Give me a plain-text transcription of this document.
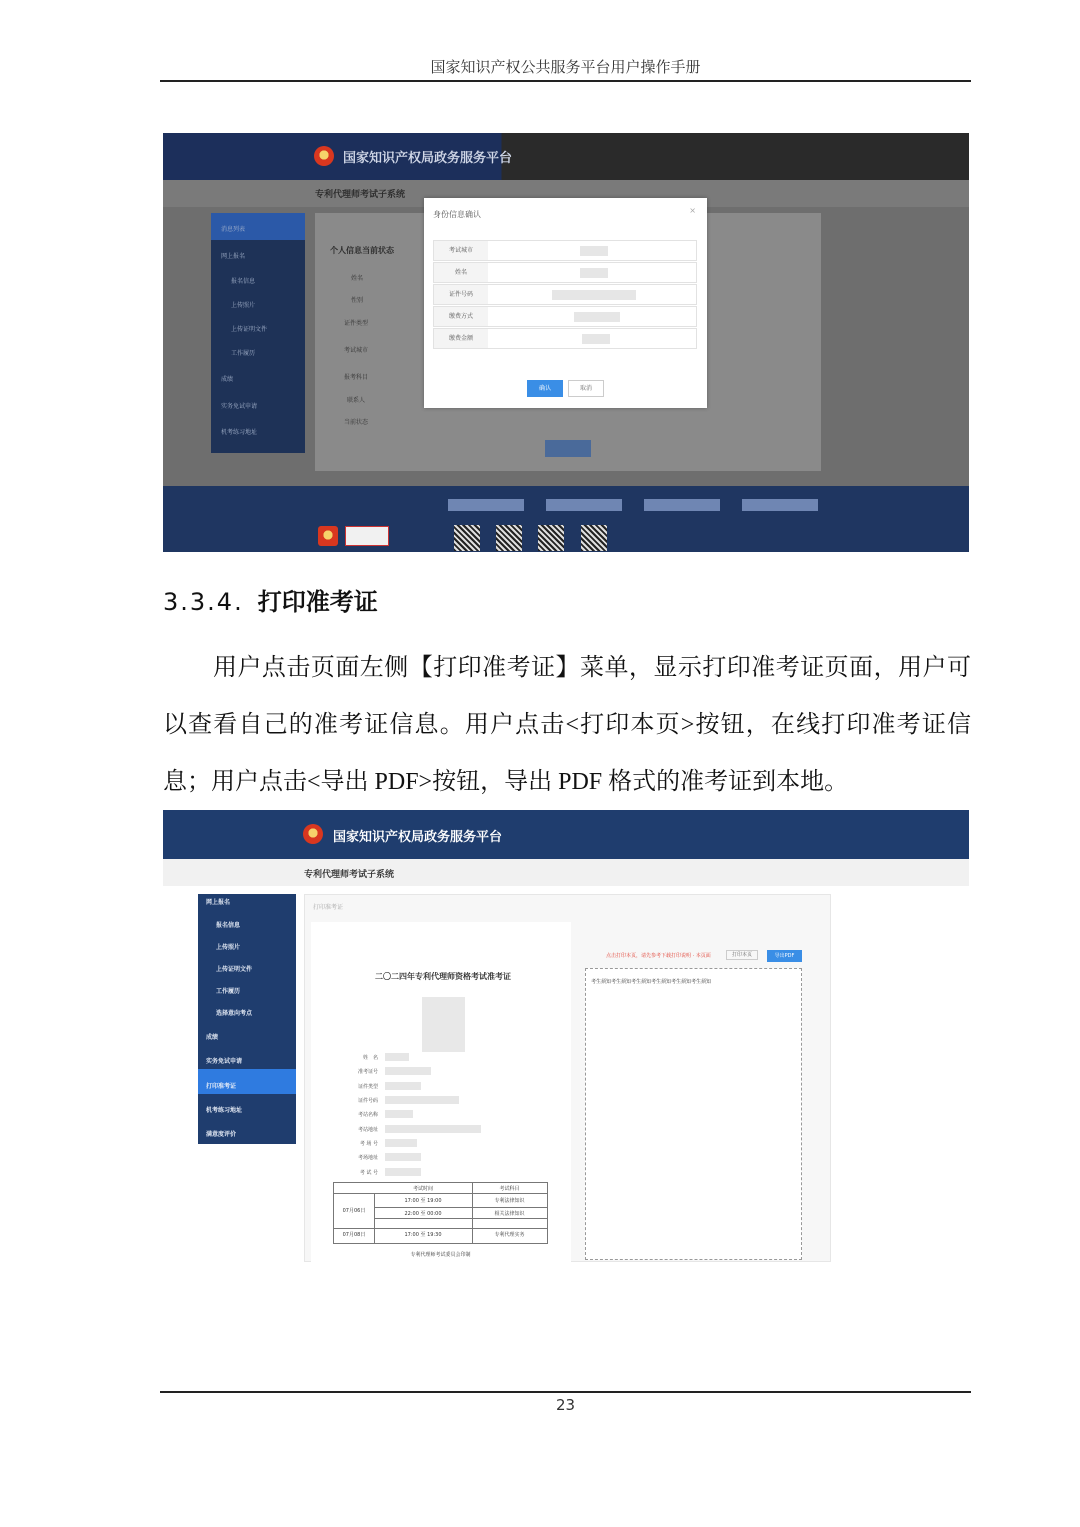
国家知识产权公共服务平台用户操作手册
国家知识产权局政务服务平台
专利代理师考试子系统
消息列表
网上报名
报名信息
上传照片
上传证明文件
工作履历
成绩
实务免试申请
机考练习地址
个人信息当前状态
姓名
性别
证件类型
考试城市
报考科目
联系人
当前状态
身份信息确认	×
考试城市
姓名
证件号码
缴费方式
缴费金额
确认	取消
3.3.4. 打印准考证
用户点击页面左侧【打印准考证】菜单，显示打印准考证页面，用户可以查看自己的准考证信息。用户点击<打印本页>按钮，在线打印准考证信息；用户点击<导出 PDF>按钮，导出 PDF 格式的准考证到本地。
国家知识产权局政务服务平台
专利代理师考试子系统
网上报名
报名信息
上传照片
上传证明文件
工作履历
选择意向考点
成绩
实务免试申请
打印准考证
机考练习地址
满意度评价
打印准考证
二〇二四年专利代理师资格考试准考证
姓　名
准考证号
证件类型
证件号码
考站名称
考站地址
考 场 号
考场地址
考 试 号
考试时间	考试科目
07月06日
17:00 至 19:00	专利法律知识
22:00 至 00:00	相关法律知识
07月08日	17:00 至 19:30	专利代理实务
专利代理师考试委员会印制
点击打印本页，请先参考下载打印说明 · 本页面	打印本页	导出PDF
考生须知考生须知考生须知考生须知考生须知考生须知
23
